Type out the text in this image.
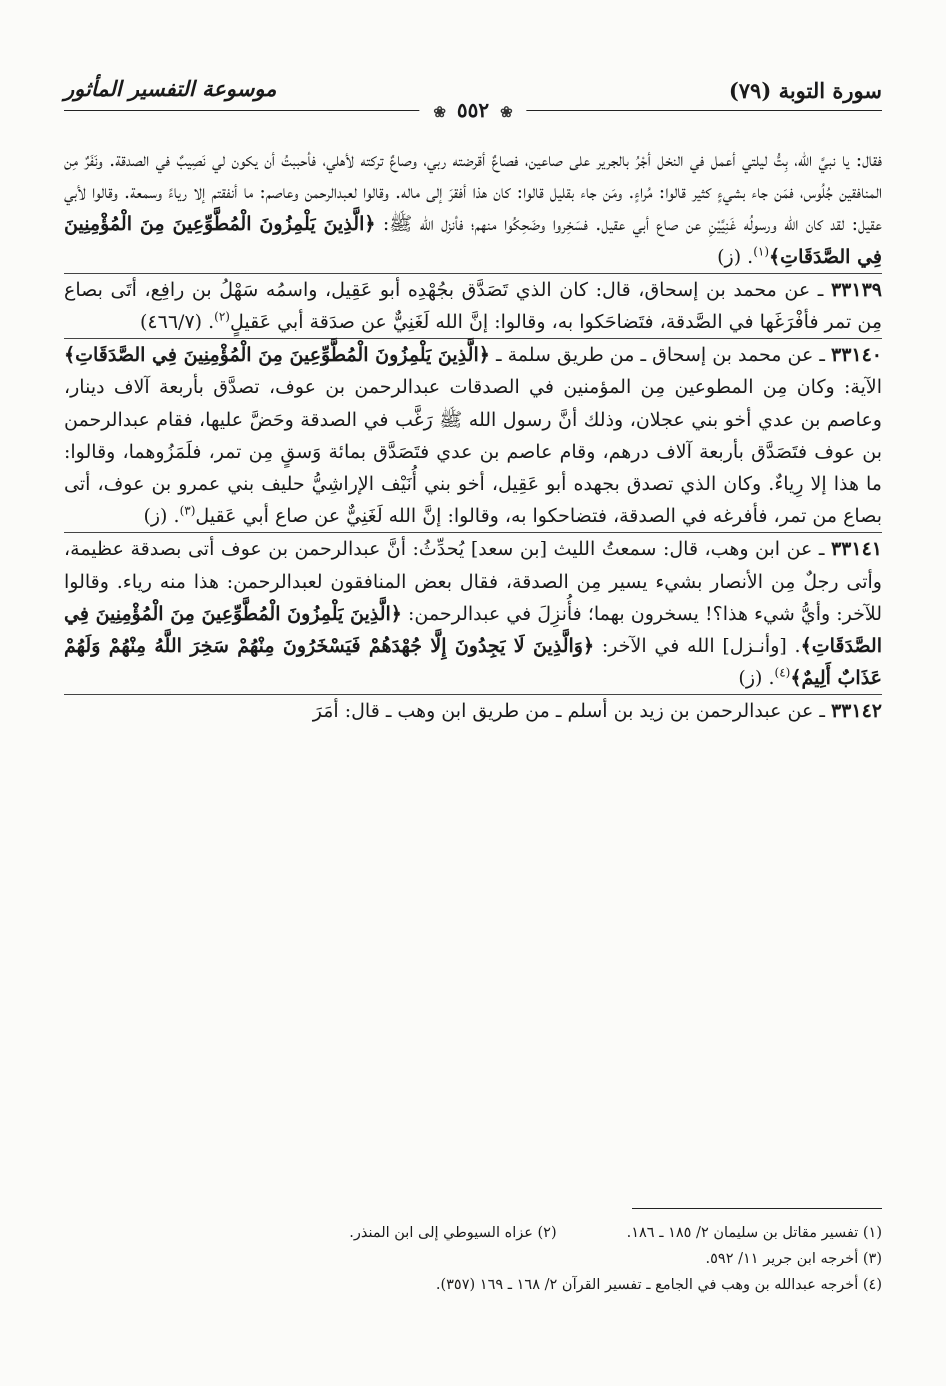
سورة التوبة (٧٩)
موسوعة التفسير المأثور
❀ ٥٥٢ ❀

فقال: يا نبيَّ الله، بِتُّ ليلتي أعمل في النخل أجْرُ بالجرير على صاعين، فصاعٌ أقرضته ربي، وصاعٌ تركته لأهلي، فأحببتُ أن يكون لي نَصِيبٌ في الصدقة. ونَفَرٌ مِن المنافقين جُلُوس، فمَن جاء بشيءٍ كثير قالوا: مُراءٍ. ومَن جاء بقليل قالوا: كان هذا أفقرَ إلى ماله. وقالوا لعبدالرحمن وعاصم: ما أنفقتم إلا رياءً وسمعة. وقالوا لأبي عقيل: لقد كان الله ورسولُه غَنِيَّيْنِ عن صاع أبي عقيل. فسَخِروا وضَحِكُوا منهم؛ فأنزل الله ﷺ: ﴿الَّذِينَ يَلْمِزُونَ الْمُطَّوِّعِينَ مِنَ الْمُؤْمِنِينَ فِي الصَّدَقَاتِ﴾$^{(١)}$. (ز)

٣٣١٣٩ ـ عن محمد بن إسحاق، قال: كان الذي تَصَدَّق بجُهْدِه أبو عَقِيل، واسمُه سَهْلُ بن رافِع، أتَى بصاع مِن تمر فأفْرَغَها في الصَّدقة، فتَضاحَكوا به، وقالوا: إنَّ الله لَغَنِيٌّ عن صدَقة أبي عَقيلٍ$^{(٢)}$. (٤٦٦/٧)

٣٣١٤٠ ـ عن محمد بن إسحاق ـ من طريق سلمة ـ ﴿الَّذِينَ يَلْمِزُونَ الْمُطَّوِّعِينَ مِنَ الْمُؤْمِنِينَ فِي الصَّدَقَاتِ﴾ الآية: وكان مِن المطوعين مِن المؤمنين في الصدقات عبدالرحمن بن عوف، تصدَّق بأربعة آلاف دينار، وعاصم بن عدي أخو بني عجلان، وذلك أنَّ رسول الله ﷺ رَغَّب في الصدقة وحَضَّ عليها، فقام عبدالرحمن بن عوف فتَصَدَّق بأربعة آلاف درهم، وقام عاصم بن عدي فتَصَدَّق بمائة وَسقٍ مِن تمر، فلَمَزُوهما، وقالوا: ما هذا إلا رِياءٌ. وكان الذي تصدق بجهده أبو عَقِيل، أخو بني أُنَيْف الإراشِيُّ حليف بني عمرو بن عوف، أتى بصاع من تمر، فأفرغه في الصدقة، فتضاحكوا به، وقالوا: إنَّ الله لَغَنِيٌّ عن صاع أبي عَقيل$^{(٣)}$. (ز)

٣٣١٤١ ـ عن ابن وهب، قال: سمعتُ الليث [بن سعد] يُحدِّثُ: أنَّ عبدالرحمن بن عوف أتى بصدقة عظيمة، وأتى رجلٌ مِن الأنصار بشيء يسير مِن الصدقة، فقال بعض المنافقون لعبدالرحمن: هذا منه رياء. وقالوا للآخر: وأيُّ شيء هذا؟! يسخرون بهما؛ فأُنزِلَ في عبدالرحمن: ﴿الَّذِينَ يَلْمِزُونَ الْمُطَّوِّعِينَ مِنَ الْمُؤْمِنِينَ فِي الصَّدَقَاتِ﴾. [وأنـزل] الله في الآخر: ﴿وَالَّذِينَ لَا يَجِدُونَ إِلَّا جُهْدَهُمْ فَيَسْخَرُونَ مِنْهُمْ سَخِرَ اللَّهُ مِنْهُمْ وَلَهُمْ عَذَابٌ أَلِيمٌ﴾$^{(٤)}$. (ز)

٣٣١٤٢ ـ عن عبدالرحمن بن زيد بن أسلم ـ من طريق ابن وهب ـ قال: أمَرَ

(١) تفسير مقاتل بن سليمان ٢/ ١٨٥ ـ ١٨٦.
(٢) عزاه السيوطي إلى ابن المنذر.
(٣) أخرجه ابن جرير ١١/ ٥٩٢.
(٤) أخرجه عبدالله بن وهب في الجامع ـ تفسير القرآن ٢/ ١٦٨ ـ ١٦٩ (٣٥٧).
